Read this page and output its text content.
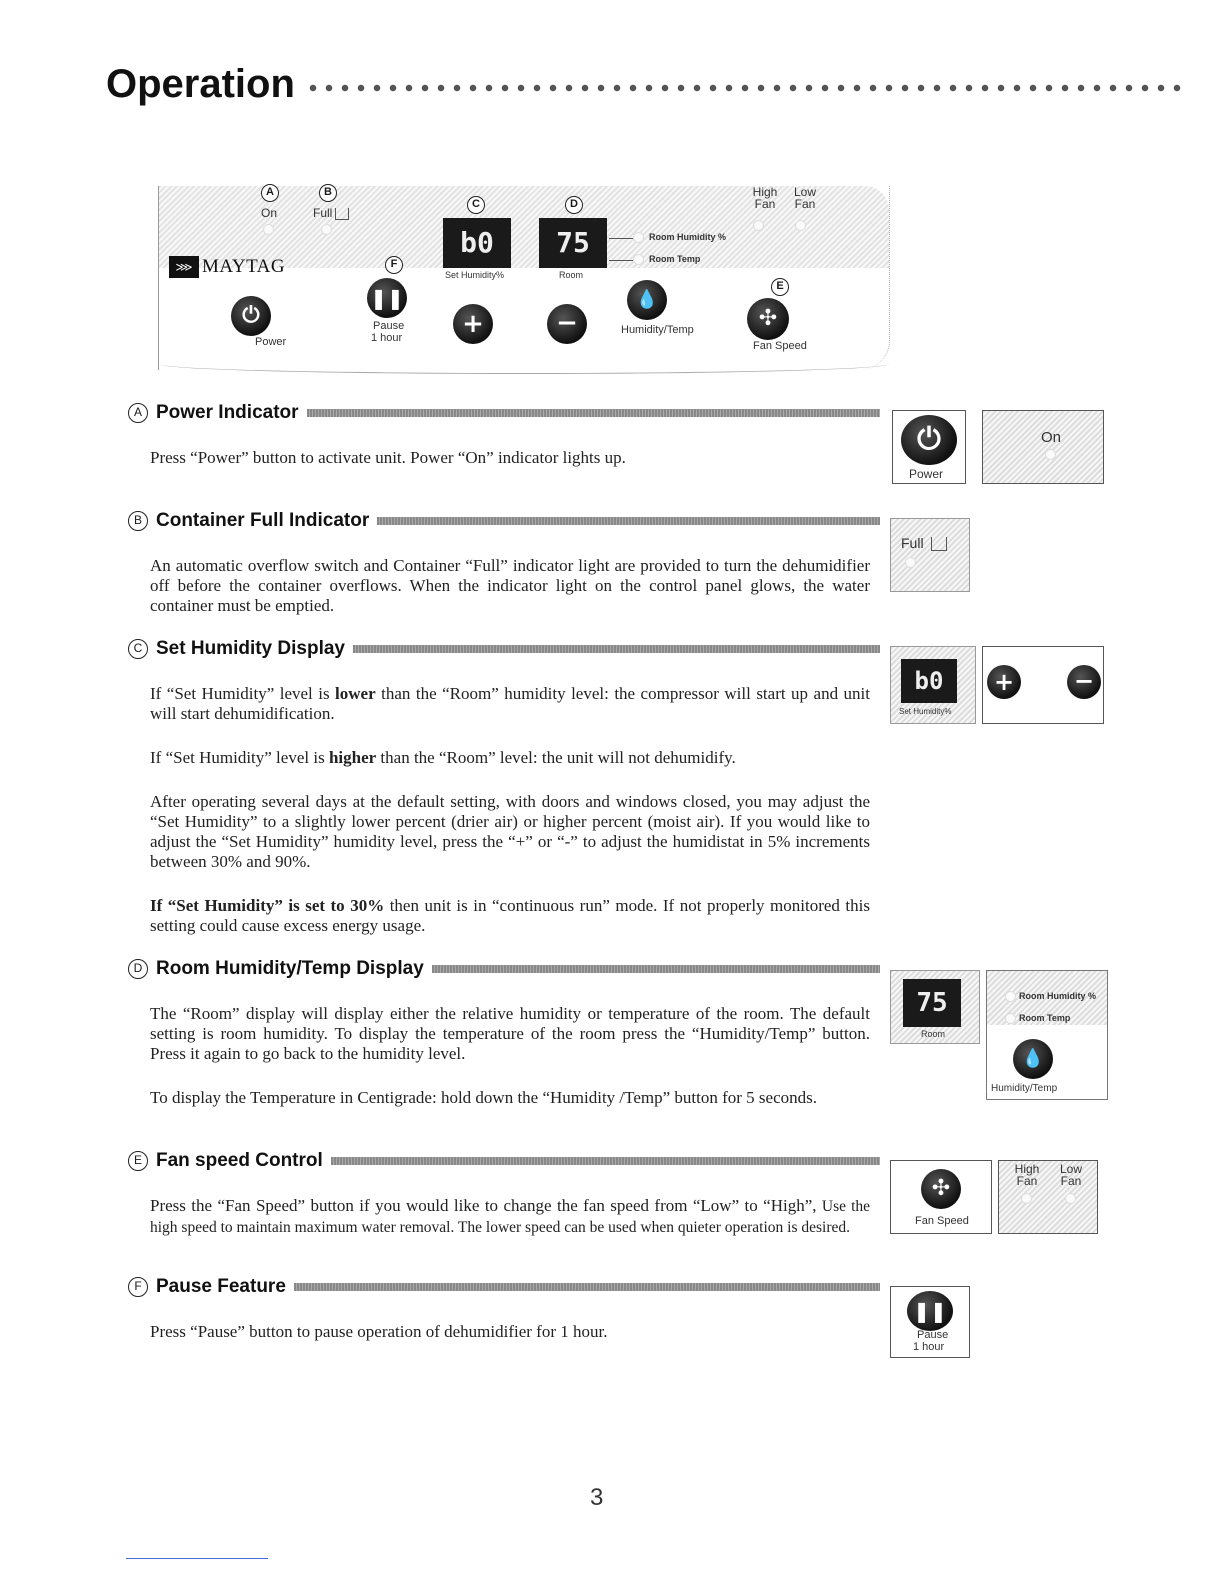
Operation
A	B
C	D
E
F
On	Full
b0
Set Humidity%
75
Room
Room Humidity %
Room Temp
High Fan
Low Fan
⋙ MAYTAG
⏻
Power
❚❚
Pause
1 hour	+	−
💧
Humidity/Temp	✣
Fan Speed
A Power Indicator

Press “Power” button to activate unit. Power “On” indicator lights up.

⏻
Power
On
B Container Full Indicator

An automatic overflow switch and Container “Full” indicator light are provided to turn the dehumidifier off before the container overflows. When the indicator light on the control panel glows, the water container must be emptied.

Full
C Set Humidity Display

If “Set Humidity” level is lower than the “Room” humidity level: the compressor will start up and unit will start dehumidification.

If “Set Humidity” level is higher than the “Room” level: the unit will not dehumidify.

After operating several days at the default setting, with doors and windows closed, you may adjust the “Set Humidity” to a slightly lower percent (drier air) or higher percent (moist air). If you would like to adjust the “Set Humidity” humidity level, press the “+” or “-” to adjust the humidistat in 5% increments between 30% and 90%.

If “Set Humidity” is set to 30% then unit is in “continuous run” mode. If not properly monitored this setting could cause excess energy usage.

b0
Set Humidity%
+ −
D Room Humidity/Temp Display

The “Room” display will display either the relative humidity or temperature of the room. The default setting is room humidity. To display the temperature of the room press the “Humidity/Temp” button. Press it again to go back to the humidity level.

To display the Temperature in Centigrade: hold down the “Humidity /Temp” button for 5 seconds.

75
Room
Room Humidity %
Room Temp
💧
Humidity/Temp
E Fan speed Control

Press the “Fan Speed” button if you would like to change the fan speed from “Low” to “High”, Use the high speed to maintain maximum water removal. The lower speed can be used when quieter operation is desired.

✣
Fan Speed
High Fan
Low Fan
F Pause Feature

Press “Pause” button to pause operation of dehumidifier for 1 hour.

❚❚
Pause
1 hour
3
